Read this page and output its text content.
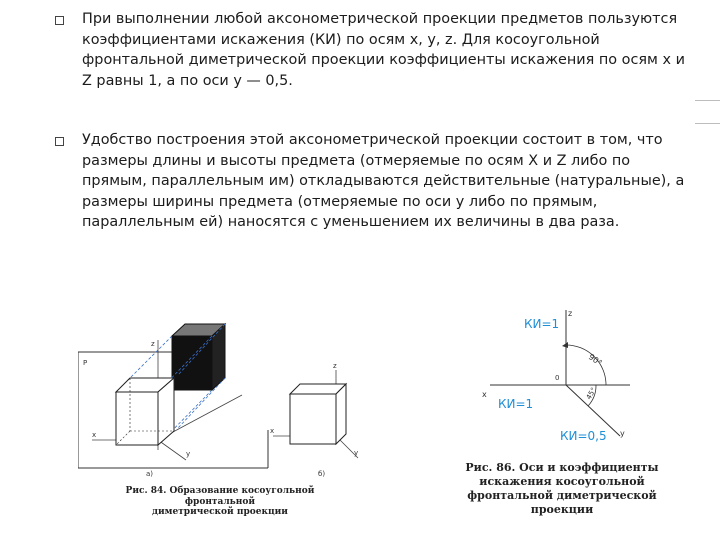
При выполнении любой аксонометрической проекции предметов пользуются
коэффициентами искажения (КИ) по осям x, y, z. Для косоугольной
фронтальной диметрической проекции коэффициенты искажения по осям x и
Z равны 1, а по оси у — 0,5.
Удобство построения этой аксонометрической проекции состоит в том, что
размеры длины и высоты предмета (отмеряемые по осям X и Z либо по
прямым, параллельным им) откладываются действительные (натуральные), а
размеры ширины предмета (отмеряемые по оси у либо по прямым,
параллельным ей) наносятся с уменьшением их величины в два раза.
P
z
x
y
z
x
y
а)	б)
Рис. 84. Образование косоугольной фронтальной
диметрической проекции
z
x
y
0
90°
45°
КИ=1
КИ=1
КИ=0,5
Рис. 86. Оси и коэффициенты
искажения косоугольной
фронтальной диметрической
проекции
